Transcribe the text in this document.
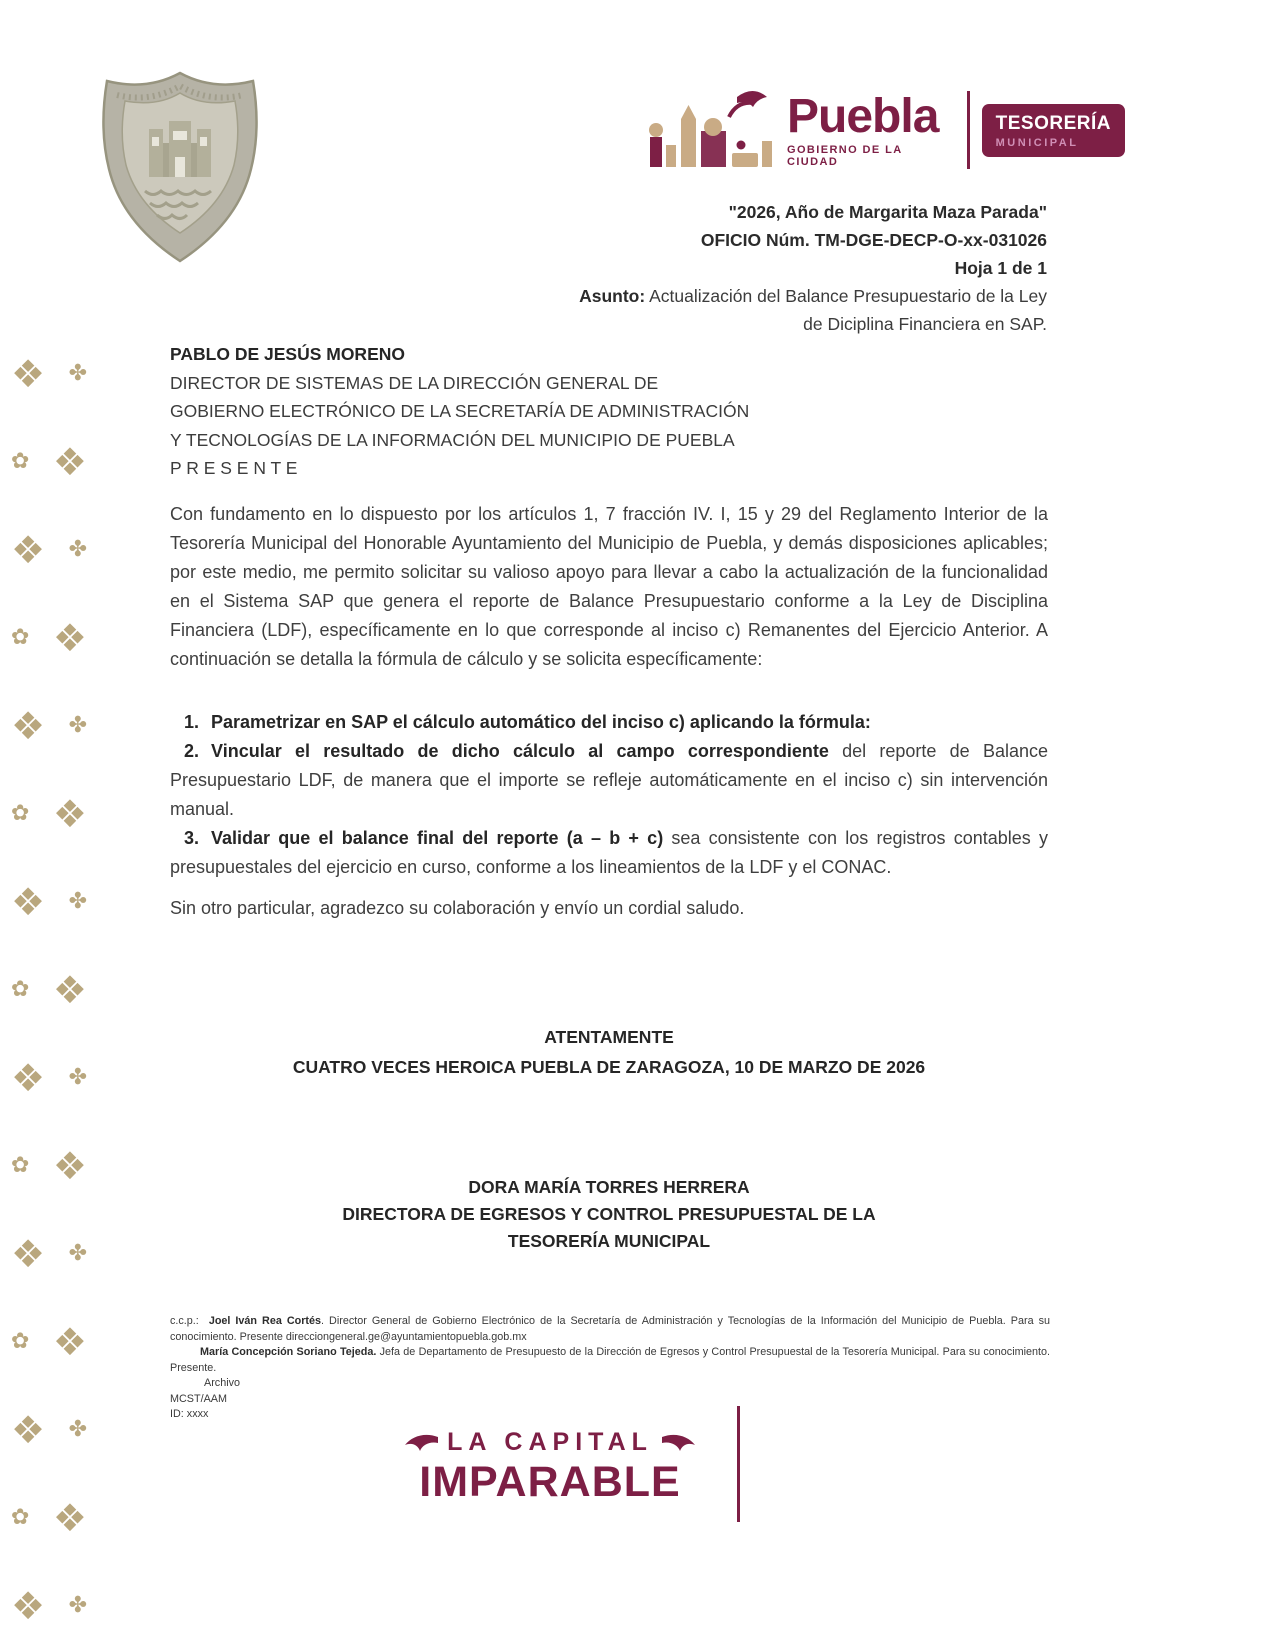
❖ ✤
✿ ❖
❖ ✤
✿ ❖
❖ ✤
✿ ❖
❖ ✤
✿ ❖
❖ ✤
✿ ❖
❖ ✤
✿ ❖
❖ ✤
✿ ❖
❖ ✤
Puebla
GOBIERNO DE LA CIUDAD
TESORERÍA
MUNICIPAL
"2026, Año de Margarita Maza Parada"
OFICIO Núm. TM-DGE-DECP-O-xx-031026
Hoja 1 de 1
Asunto: Actualización del Balance Presupuestario de la Ley de Diciplina Financiera en SAP.
PABLO DE JESÚS MORENO
DIRECTOR DE SISTEMAS DE LA DIRECCIÓN GENERAL DE
GOBIERNO ELECTRÓNICO DE LA SECRETARÍA DE ADMINISTRACIÓN
Y TECNOLOGÍAS DE LA INFORMACIÓN DEL MUNICIPIO DE PUEBLA
P R E S E N T E
Con fundamento en lo dispuesto por los artículos 1, 7 fracción IV. I, 15 y 29 del Reglamento Interior de la Tesorería Municipal del Honorable Ayuntamiento del Municipio de Puebla, y demás disposiciones aplicables; por este medio, me permito solicitar su valioso apoyo para llevar a cabo la actualización de la funcionalidad en el Sistema SAP que genera el reporte de Balance Presupuestario conforme a la Ley de Disciplina Financiera (LDF), específicamente en lo que corresponde al inciso c) Remanentes del Ejercicio Anterior. A continuación se detalla la fórmula de cálculo y se solicita específicamente:

1. Parametrizar en SAP el cálculo automático del inciso c) aplicando la fórmula:

2. Vincular el resultado de dicho cálculo al campo correspondiente del reporte de Balance Presupuestario LDF, de manera que el importe se refleje automáticamente en el inciso c) sin intervención manual.

3. Validar que el balance final del reporte (a – b + c) sea consistente con los registros contables y presupuestales del ejercicio en curso, conforme a los lineamientos de la LDF y el CONAC.

Sin otro particular, agradezco su colaboración y envío un cordial saludo.
ATENTAMENTE
CUATRO VECES HEROICA PUEBLA DE ZARAGOZA, 10 DE MARZO DE 2026
DORA MARÍA TORRES HERRERA
DIRECTORA DE EGRESOS Y CONTROL PRESUPUESTAL DE LA
TESORERÍA MUNICIPAL

c.c.p.: Joel Iván Rea Cortés. Director General de Gobierno Electrónico de la Secretaría de Administración y Tecnologías de la Información del Municipio de Puebla. Para su conocimiento. Presente direcciongeneral.ge@ayuntamientopuebla.gob.mx

María Concepción Soriano Tejeda. Jefa de Departamento de Presupuesto de la Dirección de Egresos y Control Presupuestal de la Tesorería Municipal. Para su conocimiento. Presente.

Archivo

MCST/AAM

ID: xxxx

LA CAPITAL
IMPARABLE
